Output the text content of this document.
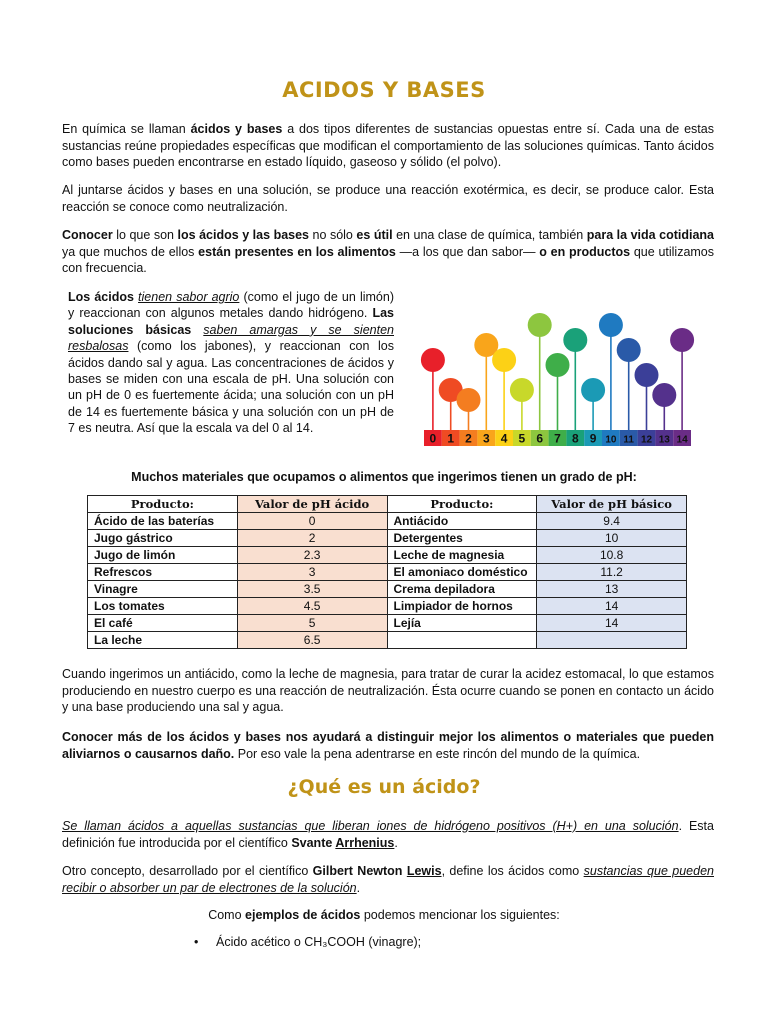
ACIDOS Y BASES
En química se llaman ácidos y bases a dos tipos diferentes de sustancias opuestas entre sí. Cada una de estas sustancias reúne propiedades específicas que modifican el comportamiento de las soluciones químicas. Tanto ácidos como bases pueden encontrarse en estado líquido, gaseoso y sólido (el polvo).
Al juntarse ácidos y bases en una solución, se produce una reacción exotérmica, es decir, se produce calor. Esta reacción se conoce como neutralización.
Conocer lo que son los ácidos y las bases no sólo es útil en una clase de química, también para la vida cotidiana ya que muchos de ellos están presentes en los alimentos —a los que dan sabor— o en productos que utilizamos con frecuencia.
Los ácidos tienen sabor agrio (como el jugo de un limón) y reaccionan con algunos metales dando hidrógeno. Las soluciones básicas saben amargas y se sienten resbalosas (como los jabones), y reaccionan con los ácidos dando sal y agua. Las concentraciones de ácidos y bases se miden con una escala de pH. Una solución con un pH de 0 es fuertemente ácida; una solución con un pH de 14 es fuertemente básica y una solución con un pH de 7 es neutra. Así que la escala va del 0 al 14.
0 1 2 3 4 5 6 7 8 9 10 11 12 13 14
Muchos materiales que ocupamos o alimentos que ingerimos tienen un grado de pH:
Producto:	Valor de pH ácido	Producto:	Valor de pH básico
Ácido de las baterías	0	Antiácido	9.4
Jugo gástrico	2	Detergentes	10
Jugo de limón	2.3	Leche de magnesia	10.8
Refrescos	3	El amoniaco doméstico	11.2
Vinagre	3.5	Crema depiladora	13
Los tomates	4.5	Limpiador de hornos	14
El café	5	Lejía	14
La leche	6.5		
Cuando ingerimos un antiácido, como la leche de magnesia, para tratar de curar la acidez estomacal, lo que estamos produciendo en nuestro cuerpo es una reacción de neutralización. Ésta ocurre cuando se ponen en contacto un ácido y una base produciendo una sal y agua.
Conocer más de los ácidos y bases nos ayudará a distinguir mejor los alimentos o materiales que pueden aliviarnos o causarnos daño. Por eso vale la pena adentrarse en este rincón del mundo de la química.
¿Qué es un ácido?
Se llaman ácidos a aquellas sustancias que liberan iones de hidrógeno positivos (H+) en una solución. Esta definición fue introducida por el científico Svante Arrhenius.
Otro concepto, desarrollado por el científico Gilbert Newton Lewis, define los ácidos como sustancias que pueden recibir o absorber un par de electrones de la solución.
Como ejemplos de ácidos podemos mencionar los siguientes:
• Ácido acético o CH₃COOH (vinagre);
